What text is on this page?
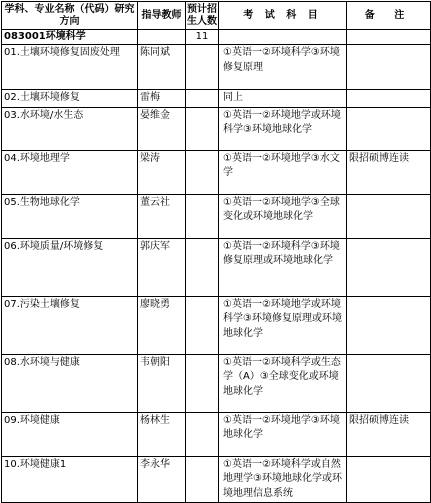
学科、专业名称（代码）研究方向	指导教师	预计招生人数	考 试 科 目	备 注
083001环境科学		11		
01.土壤环境修复固废处理	陈同斌		①英语一②环境科学③环境修复原理	
02.土壤环境修复	雷梅		同上	
03.水环境/水生态	晏维金		①英语一②环境地学或环境科学③环境地球化学	
04.环境地理学	梁涛		①英语一②环境地学③水文学	限招硕博连读
05.生物地球化学	董云社		①英语一②环境地学③全球变化或环境地球化学	
06.环境质量/环境修复	郭庆军		①英语一②环境科学③环境修复原理或环境地球化学	
07.污染土壤修复	廖晓勇		①英语一②环境地学或环境科学③环境修复原理或环境地球化学	
08.水环境与健康	韦朝阳		①英语一②环境科学或生态学（A）③全球变化或环境地球化学	
09.环境健康	杨林生		①英语一②环境地学③环境地球化学	限招硕博连读
10.环境健康1	李永华		①英语一②环境科学或自然地理学③环境地球化学或环境地理信息系统	
